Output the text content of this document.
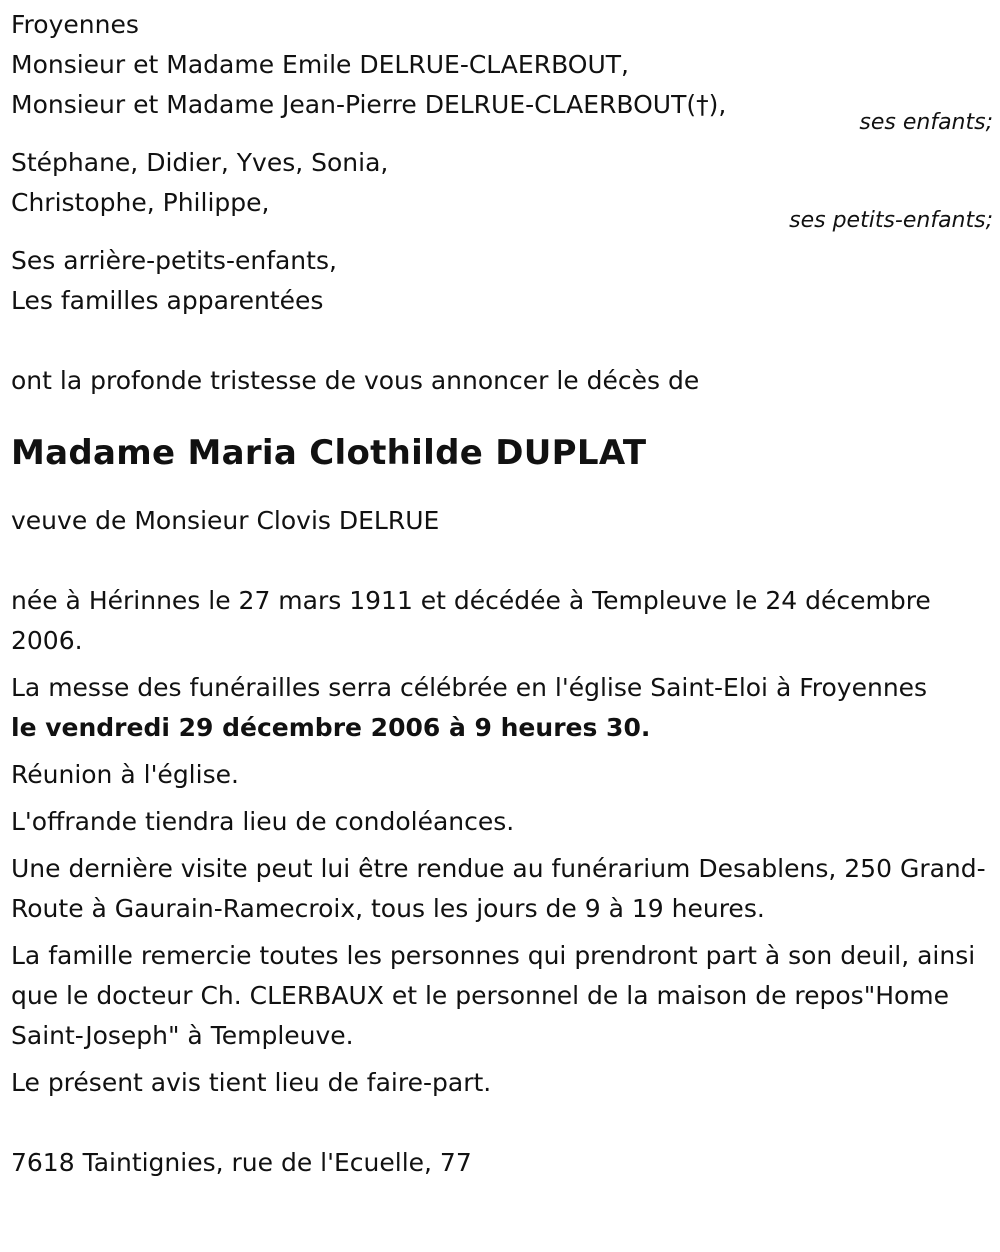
Froyennes
Monsieur et Madame Emile DELRUE-CLAERBOUT,
Monsieur et Madame Jean-Pierre DELRUE-CLAERBOUT(†),
ses enfants;
Stéphane, Didier, Yves, Sonia,
Christophe, Philippe,
ses petits-enfants;
Ses arrière-petits-enfants,
Les familles apparentées
ont la profonde tristesse de vous annoncer le décès de
Madame Maria Clothilde DUPLAT
veuve de Monsieur Clovis DELRUE
née à Hérinnes le 27 mars 1911 et décédée à Templeuve le 24 décembre 2006.
La messe des funérailles serra célébrée en l'église Saint-Eloi à Froyennes
le vendredi 29 décembre 2006 à 9 heures 30.
Réunion à l'église.
L'offrande tiendra lieu de condoléances.
Une dernière visite peut lui être rendue au funérarium Desablens, 250 Grand-Route à Gaurain-Ramecroix, tous les jours de 9 à 19 heures.
La famille remercie toutes les personnes qui prendront part à son deuil, ainsi que le docteur Ch. CLERBAUX et le personnel de la maison de repos"Home Saint-Joseph" à Templeuve.
Le présent avis tient lieu de faire-part.
7618 Taintignies, rue de l'Ecuelle, 77
